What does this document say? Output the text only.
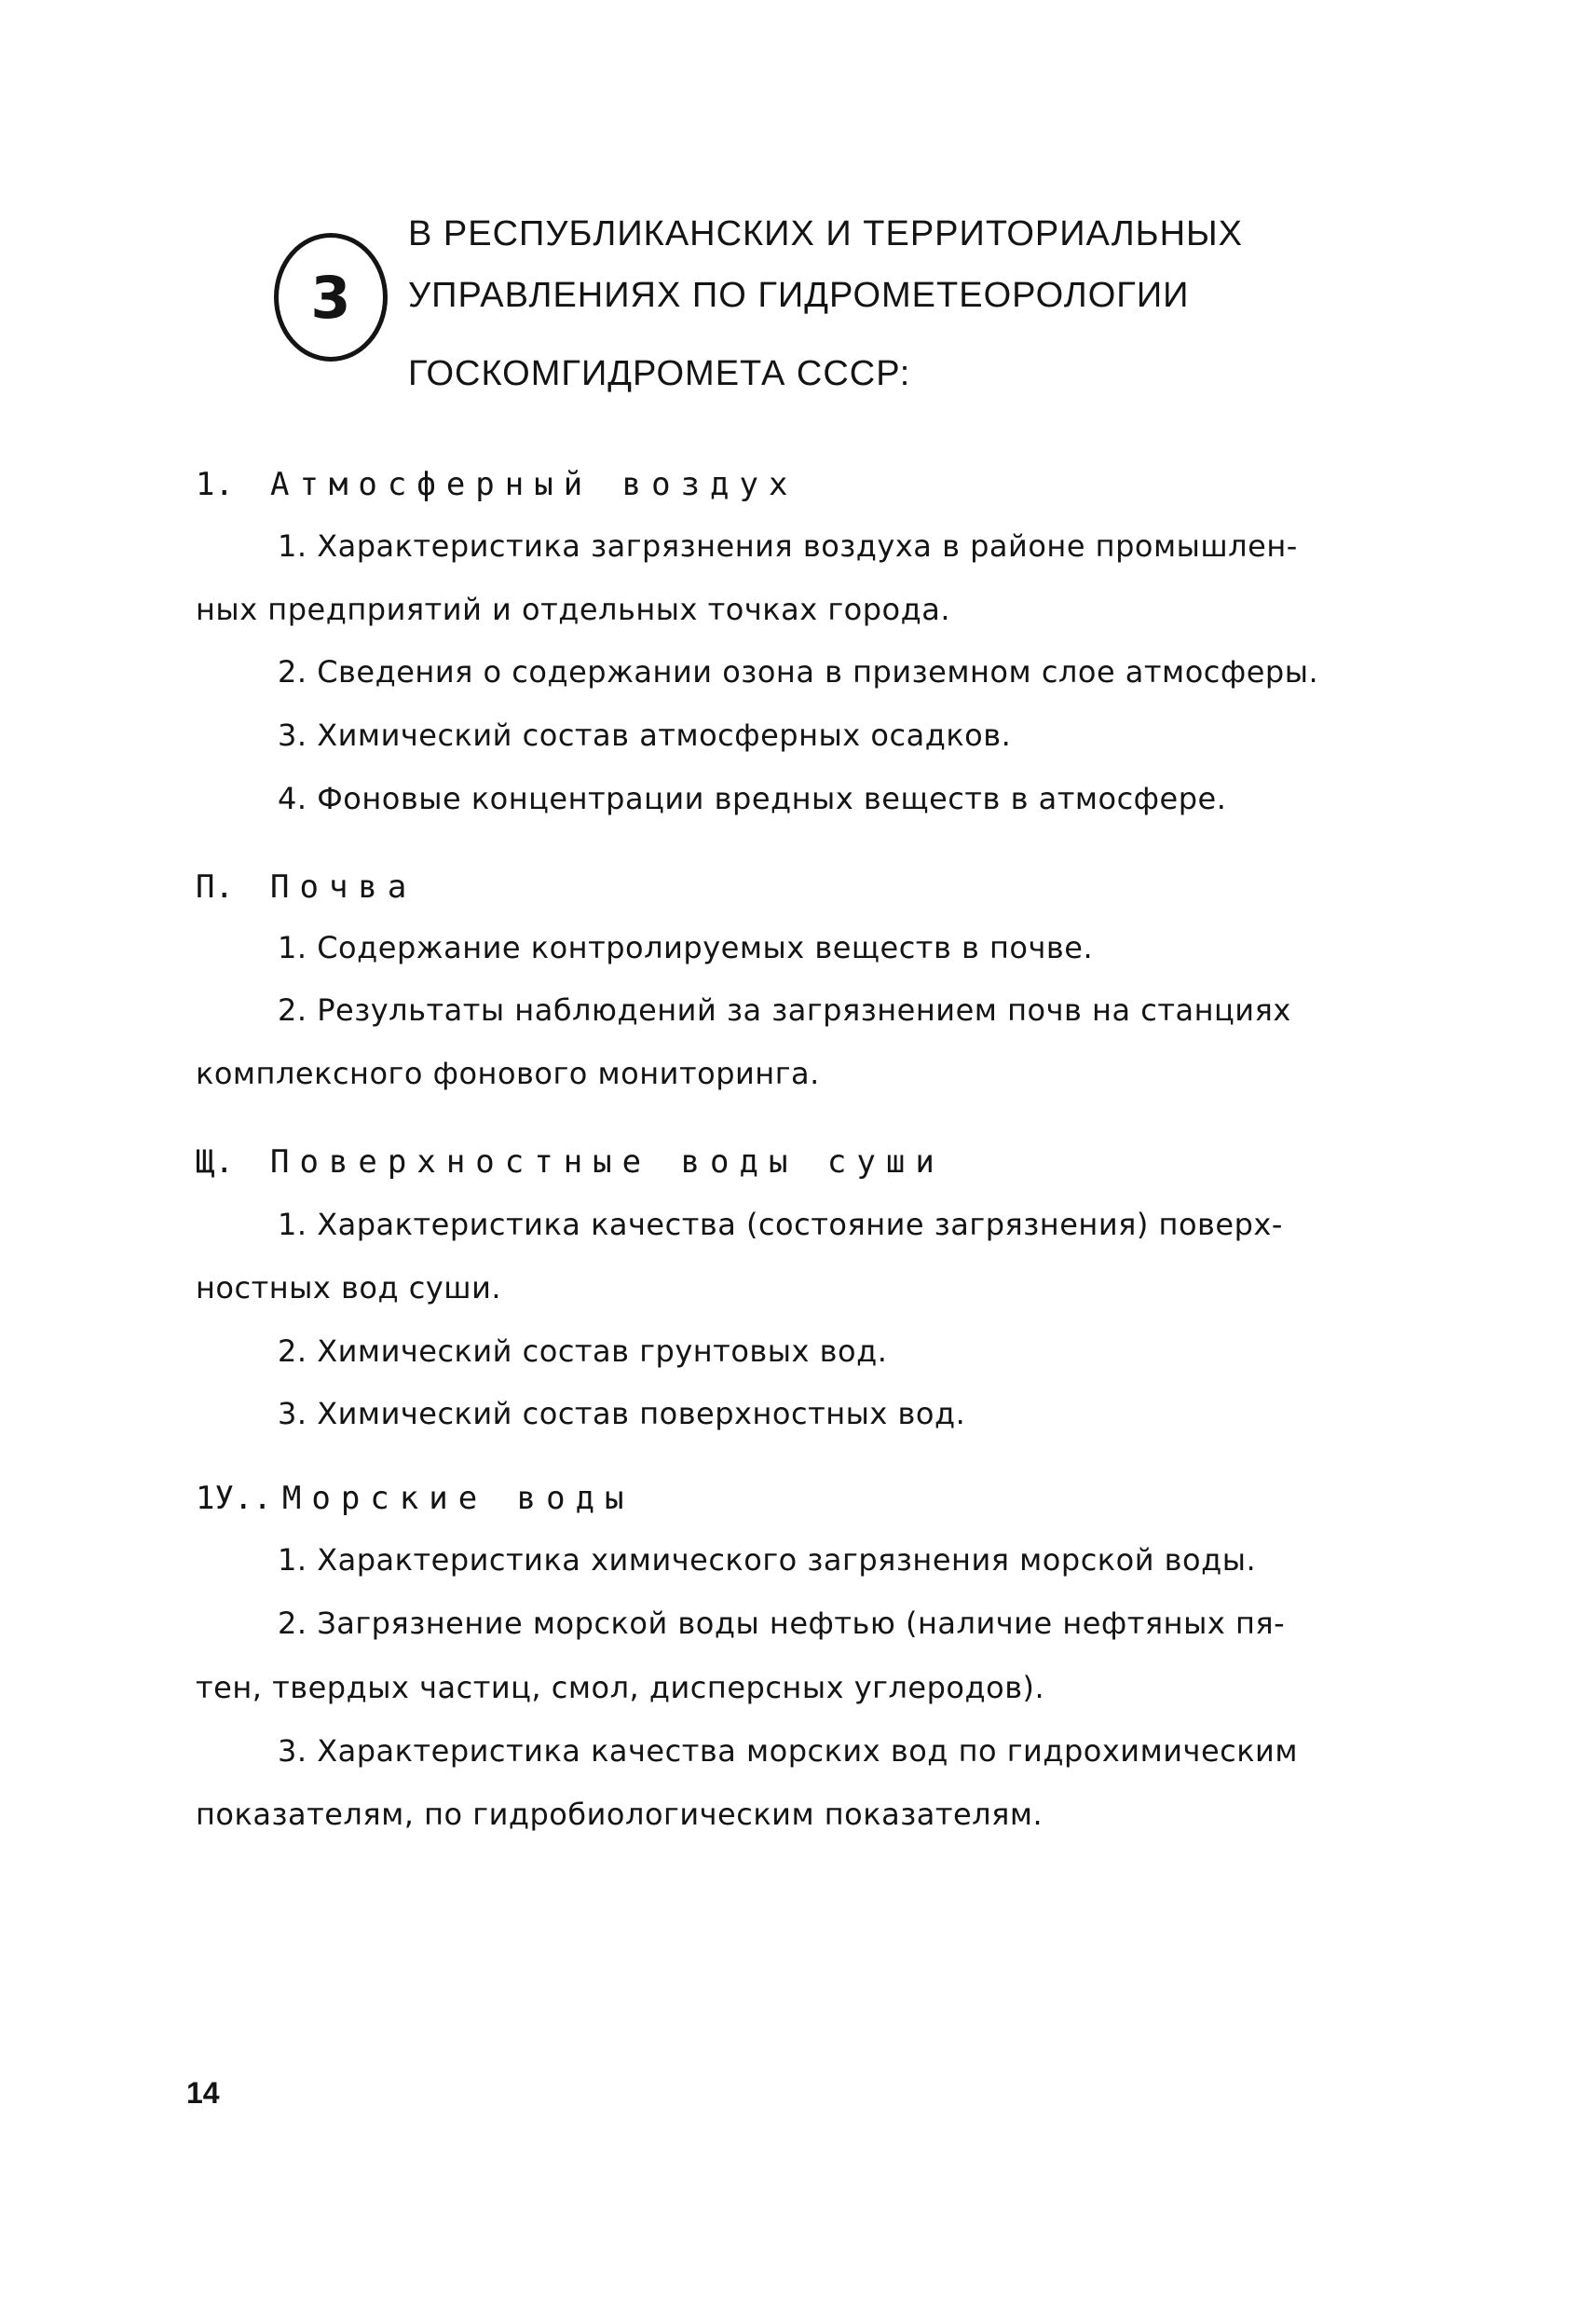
3
В РЕСПУБЛИКАНСКИХ И ТЕРРИТОРИАЛЬНЫХ
УПРАВЛЕНИЯХ ПО ГИДРОМЕТЕОРОЛОГИИ
ГОСКОМГИДРОМЕТА СССР:
1. Атмосферный воздух
1. Характеристика загрязнения воздуха в районе промышлен-
ных предприятий и отдельных точках города.
2. Сведения о содержании озона в приземном слое атмосферы.
3. Химический состав атмосферных осадков.
4. Фоновые концентрации вредных веществ в атмосфере.
П. Почва
1. Содержание контролируемых веществ в почве.
2. Результаты наблюдений за загрязнением почв на станциях
комплексного фонового мониторинга.
Щ. Поверхностные воды суши
1. Характеристика качества (состояние загрязнения) поверх-
ностных вод суши.
2. Химический состав грунтовых вод.
3. Химический состав поверхностных вод.
1У..Морские воды
1. Характеристика химического загрязнения морской воды.
2. Загрязнение морской воды нефтью (наличие нефтяных пя-
тен, твердых частиц, смол, дисперсных углеродов).
3. Характеристика качества морских вод по гидрохимическим
показателям, по гидробиологическим показателям.
14
